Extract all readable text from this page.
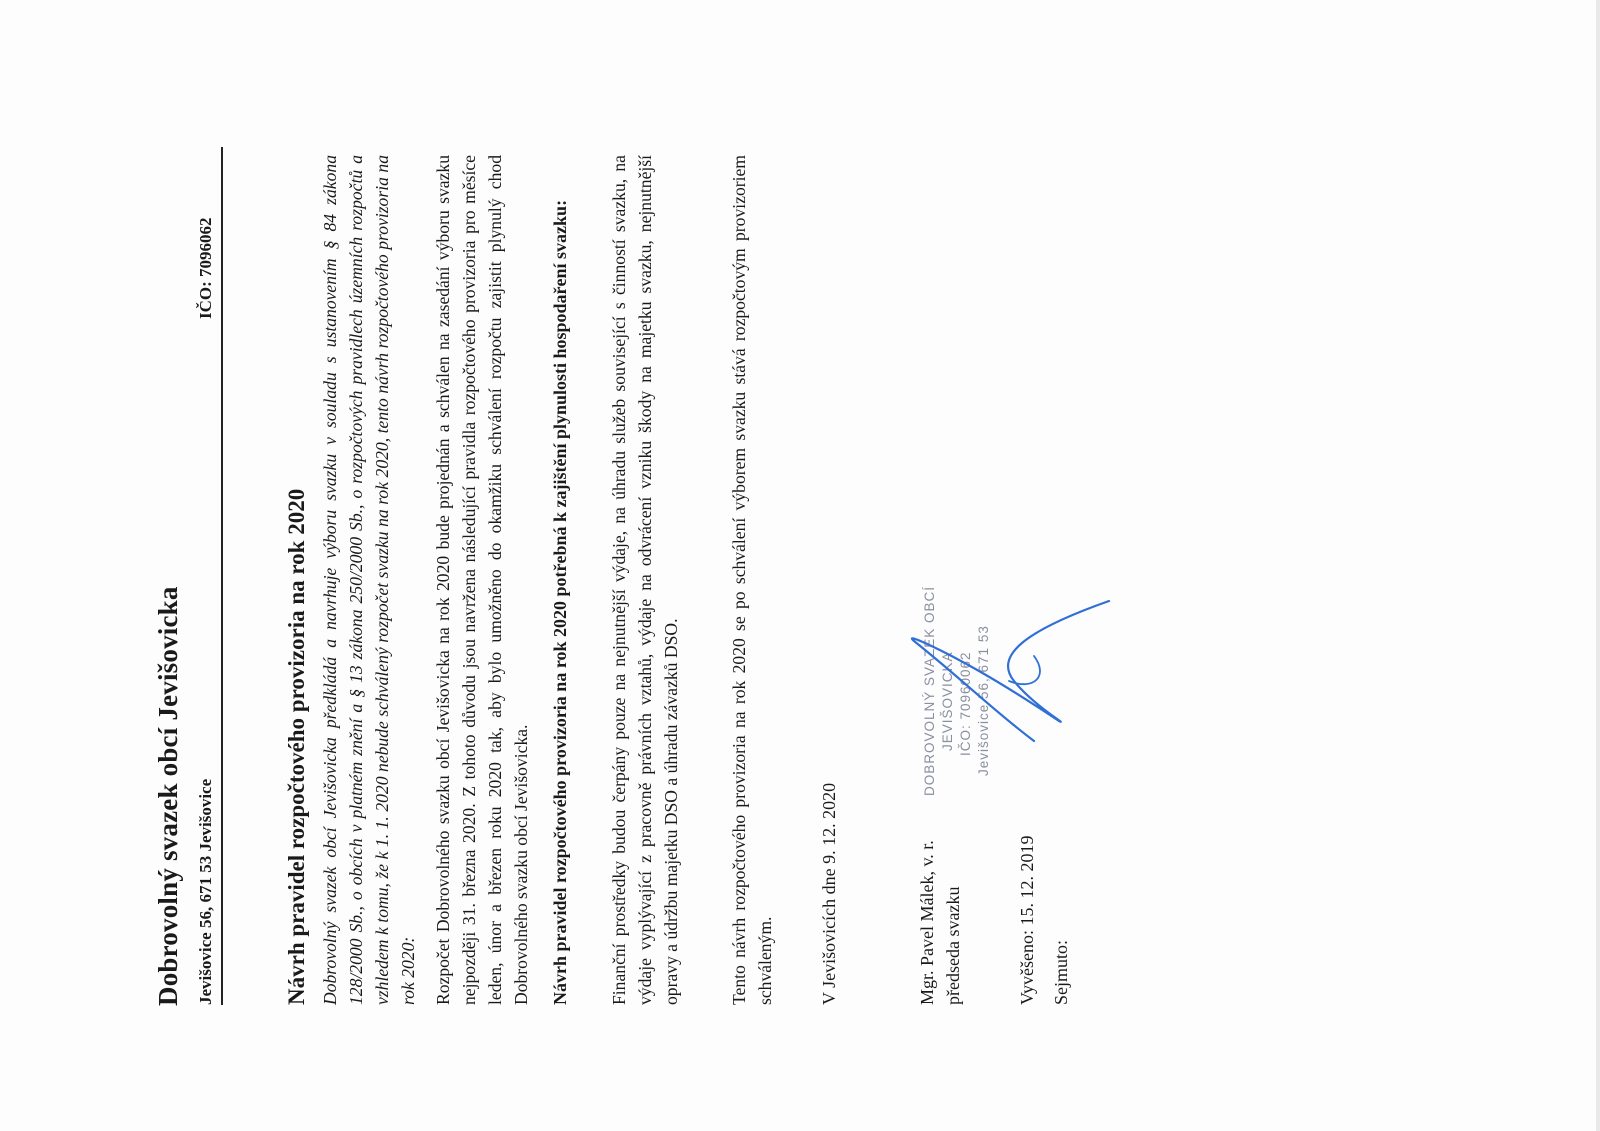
Dobrovolný svazek obcí Jevišovicka Jevišovice 56, 671 53 Jevišovice
IČO: 7096062
Návrh pravidel rozpočtového provizoria na rok 2020 Dobrovolný svazek obcí Jevišovicka předkládá a navrhuje výboru svazku v souladu s ustanovením § 84 zákona 128/2000 Sb., o obcích v platném znění a § 13 zákona 250/2000 Sb., o rozpočtových pravidlech územních rozpočtů a vzhledem k tomu, že k 1. 1. 2020 nebude schválený rozpočet svazku na rok 2020, tento návrh rozpočtového provizoria na rok 2020: Rozpočet Dobrovolného svazku obcí Jevišovicka na rok 2020 bude projednán a schválen na zasedání výboru svazku nejpozději 31. března 2020. Z tohoto důvodu jsou navržena následující pravidla rozpočtového provizoria pro měsíce leden, únor a březen roku 2020 tak, aby bylo umožněno do okamžiku schválení rozpočtu zajistit plynulý chod Dobrovolného svazku obcí Jevišovicka. Návrh pravidel rozpočtového provizoria na rok 2020 potřebná k zajištění plynulosti hospodaření svazku: Finanční prostředky budou čerpány pouze na nejnutnější výdaje, na úhradu služeb související s činností svazku, na výdaje vyplývající z pracovně právních vztahů, výdaje na odvrácení vzniku škody na majetku svazku, nejnutnější opravy a údržbu majetku DSO a úhradu závazků DSO.	Tento návrh rozpočtového provizoria na rok 2020 se po schválení výborem svazku stává rozpočtovým provizoriem schváleným. V Jevišovicích dne 9. 12. 2020	Mgr. Pavel Málek, v. r. předseda svazku
DOBROVOLNÝ SVAZEK OBCÍ JEVIŠOVICKA IČO: 70960062 Jevišovice 56, 671 53
Vyvěšeno: 15. 12. 2019 Sejmuto:
